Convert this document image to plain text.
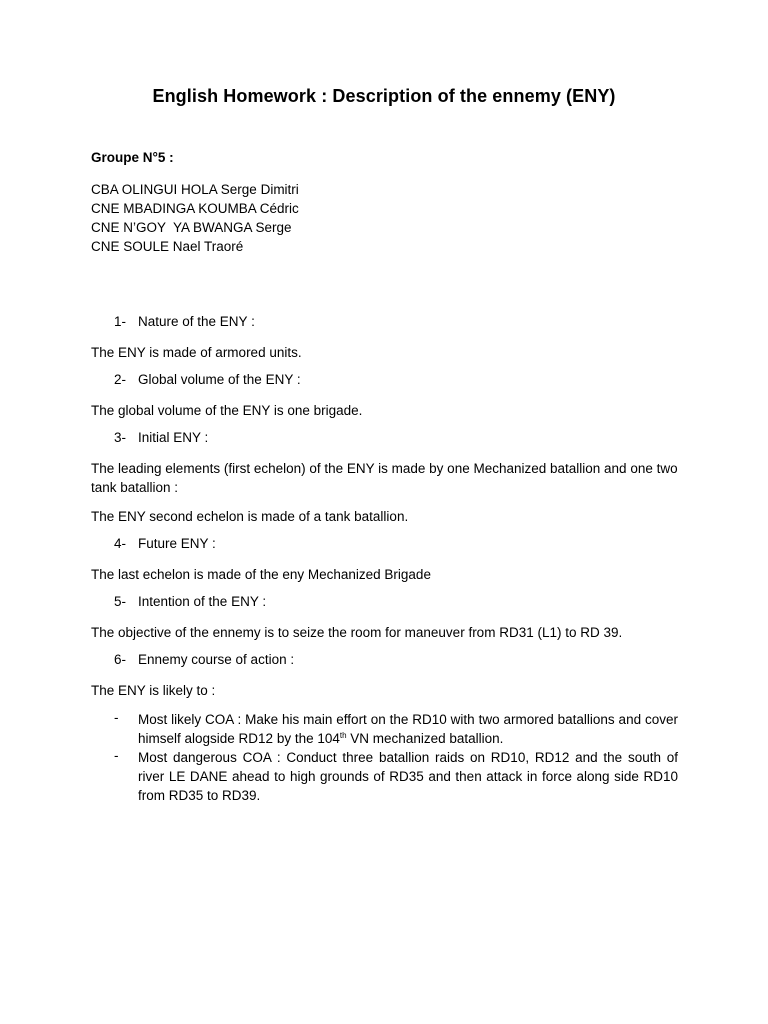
English Homework : Description of the ennemy (ENY)
Groupe N°5 :
CBA OLINGUI HOLA Serge Dimitri
CNE MBADINGA KOUMBA Cédric
CNE N’GOY  YA BWANGA Serge
CNE SOULE Nael Traoré
1- Nature of the ENY :
The ENY is made of armored units.
2- Global volume of the ENY :
The global volume of the ENY is one brigade.
3- Initial ENY :
The leading elements (first echelon) of the ENY is made by one Mechanized batallion and one two tank batallion :
The ENY second echelon is made of a tank batallion.
4- Future ENY :
The last echelon is made of the eny Mechanized Brigade
5- Intention of the ENY :
The objective of the ennemy is to seize the room for maneuver from RD31 (L1) to RD 39.
6- Ennemy course of action :
The ENY is likely to :
- Most likely COA : Make his main effort on the RD10 with two armored batallions and cover himself alogside RD12 by the 104th VN mechanized batallion.
- Most dangerous COA : Conduct three batallion raids on RD10, RD12 and the south of river LE DANE ahead to high grounds of RD35 and then attack in force along side RD10 from RD35 to RD39.
